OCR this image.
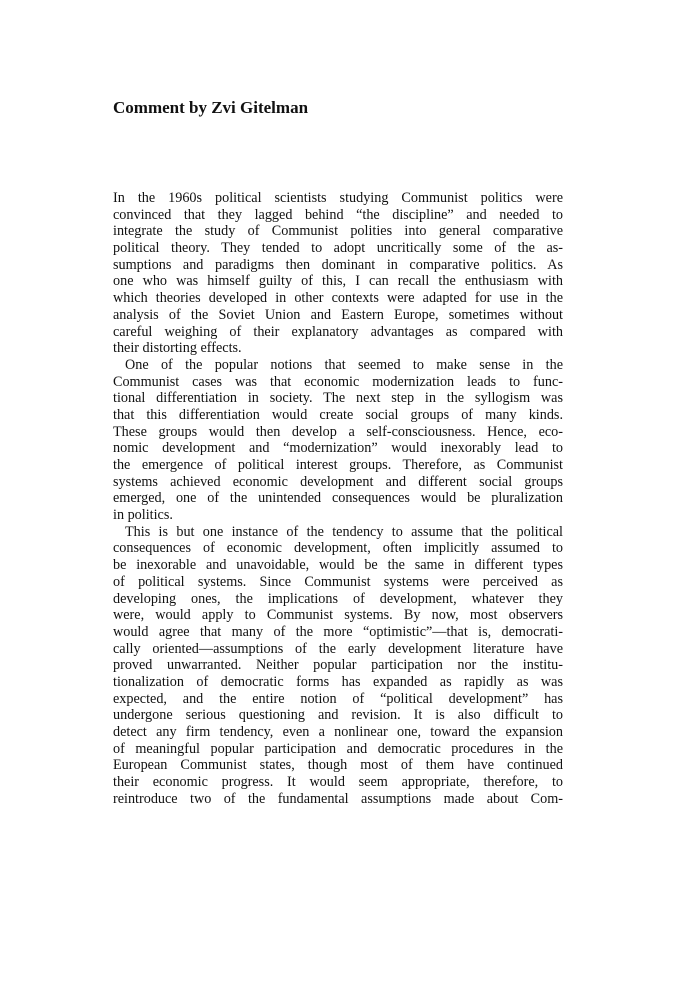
Comment by Zvi Gitelman
In the 1960s political scientists studying Communist politics were
convinced that they lagged behind “the discipline” and needed to
integrate the study of Communist polities into general comparative
political theory. They tended to adopt uncritically some of the as-
sumptions and paradigms then dominant in comparative politics. As
one who was himself guilty of this, I can recall the enthusiasm with
which theories developed in other contexts were adapted for use in the
analysis of the Soviet Union and Eastern Europe, sometimes without
careful weighing of their explanatory advantages as compared with
their distorting effects.
One of the popular notions that seemed to make sense in the
Communist cases was that economic modernization leads to func-
tional differentiation in society. The next step in the syllogism was
that this differentiation would create social groups of many kinds.
These groups would then develop a self-consciousness. Hence, eco-
nomic development and “modernization” would inexorably lead to
the emergence of political interest groups. Therefore, as Communist
systems achieved economic development and different social groups
emerged, one of the unintended consequences would be pluralization
in politics.
This is but one instance of the tendency to assume that the political
consequences of economic development, often implicitly assumed to
be inexorable and unavoidable, would be the same in different types
of political systems. Since Communist systems were perceived as
developing ones, the implications of development, whatever they
were, would apply to Communist systems. By now, most observers
would agree that many of the more “optimistic”—that is, democrati-
cally oriented—assumptions of the early development literature have
proved unwarranted. Neither popular participation nor the institu-
tionalization of democratic forms has expanded as rapidly as was
expected, and the entire notion of “political development” has
undergone serious questioning and revision. It is also difficult to
detect any firm tendency, even a nonlinear one, toward the expansion
of meaningful popular participation and democratic procedures in the
European Communist states, though most of them have continued
their economic progress. It would seem appropriate, therefore, to
reintroduce two of the fundamental assumptions made about Com-
